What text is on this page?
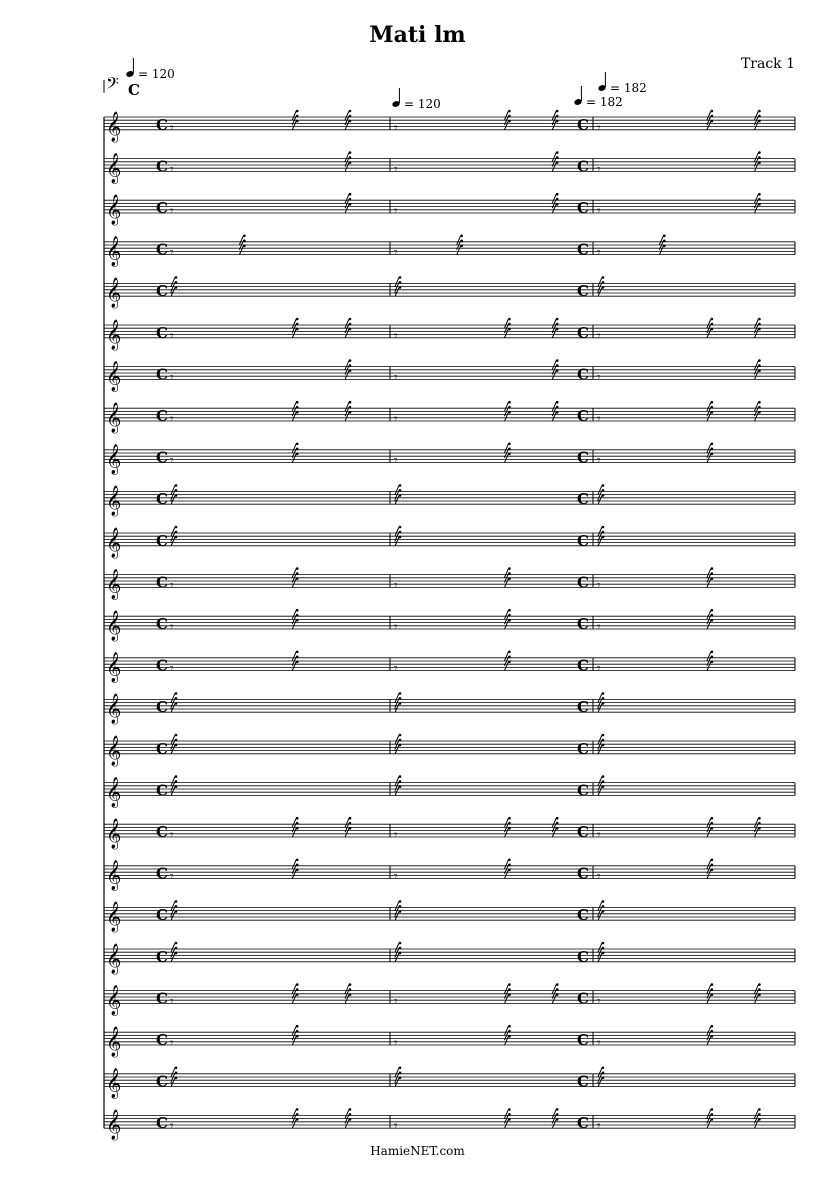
Mati lm
Track 1
𝄢 C
= 120
= 120
= 182
= 182
𝄞 C	C
𝄾	𝄾	𝄾
𝄞 C	C
𝄾	𝄾	𝄾
𝄞 C	C
𝄾	𝄾	𝄾
𝄞 C	C
𝄾	𝄾	𝄾
𝄞 C	C
𝄾	𝄾	𝄾
𝄞 C	C
𝄾	𝄾	𝄾
𝄞 C	C
𝄾	𝄾	𝄾
𝄞 C	C
𝄾	𝄾	𝄾
𝄞 C	C
𝄾	𝄾	𝄾
𝄞 C	C
𝄾	𝄾	𝄾
𝄞 C	C
𝄾	𝄾	𝄾
𝄞 C	C
𝄾	𝄾	𝄾
𝄞 C	C
𝄾	𝄾	𝄾
𝄞 C	C
𝄾	𝄾	𝄾
𝄞 C	C
𝄾	𝄾	𝄾
𝄞 C	C
𝄾	𝄾	𝄾
𝄞 C	C
𝄾	𝄾	𝄾
𝄞 C	C
𝄾	𝄾	𝄾
𝄞 C	C
𝄾	𝄾	𝄾
𝄞 C	C
𝄾	𝄾	𝄾
𝄞 C	C
𝄾	𝄾	𝄾
𝄞 C	C
𝄾	𝄾	𝄾
𝄞 C	C
𝄾	𝄾	𝄾
𝄞 C	C
𝄾	𝄾	𝄾
𝄞 C	C
𝄾	𝄾	𝄾
HamieNET.com
